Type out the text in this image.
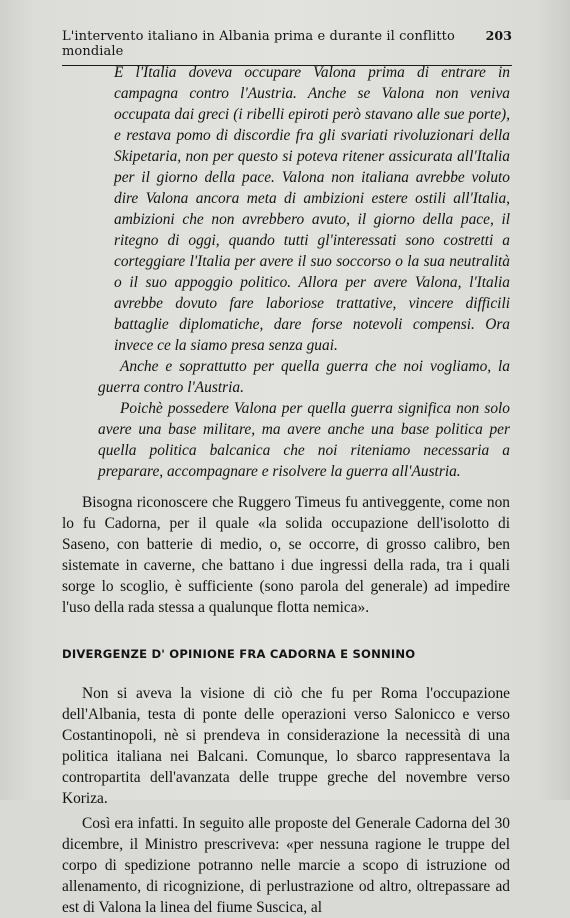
L'intervento italiano in Albania prima e durante il conflitto mondiale
203

E l'Italia doveva occupare Valona prima di entrare in campagna contro l'Austria. Anche se Valona non veniva occupata dai greci (i ribelli epiroti però stavano alle sue porte), e restava pomo di discordie fra gli svariati rivoluzionari della Skipetaria, non per questo si poteva ritener assicurata all'Italia per il giorno della pace. Valona non italiana avrebbe voluto dire Valona ancora meta di ambizioni estere ostili all'Italia, ambizioni che non avrebbero avuto, il giorno della pace, il ritegno di oggi, quando tutti gl'interessati sono costretti a corteggiare l'Italia per avere il suo soccorso o la sua neutralità o il suo appoggio politico. Allora per avere Valona, l'Italia avrebbe dovuto fare laboriose trattative, vincere difficili battaglie diplomatiche, dare forse notevoli compensi. Ora invece ce la siamo presa senza guai.

Anche e soprattutto per quella guerra che noi vogliamo, la guerra contro l'Austria.

Poichè possedere Valona per quella guerra significa non solo avere una base militare, ma avere anche una base politica per quella politica balcanica che noi riteniamo necessaria a preparare, accompagnare e risolvere la guerra all'Austria.

Bisogna riconoscere che Ruggero Timeus fu antiveggente, come non lo fu Cadorna, per il quale «la solida occupazione dell'isolotto di Saseno, con batterie di medio, o, se occorre, di grosso calibro, ben sistemate in caverne, che battano i due ingressi della rada, tra i quali sorge lo scoglio, è sufficiente (sono parola del generale) ad impedire l'uso della rada stessa a qualunque flotta nemica».

DIVERGENZE D' OPINIONE FRA CADORNA E SONNINO

Non si aveva la visione di ciò che fu per Roma l'occupazione dell'Albania, testa di ponte delle operazioni verso Salonicco e verso Costantinopoli, nè si prendeva in considerazione la necessità di una politica italiana nei Balcani. Comunque, lo sbarco rappresentava la contropartita dell'avanzata delle truppe greche del novembre verso Koriza.

Così era infatti. In seguito alle proposte del Generale Cadorna del 30 dicembre, il Ministro prescriveva: «per nessuna ragione le truppe del corpo di spedizione potranno nelle marcie a scopo di istruzione od allenamento, di ricognizione, di perlustrazione od altro, oltrepassare ad est di Valona la linea del fiume Suscica, al
